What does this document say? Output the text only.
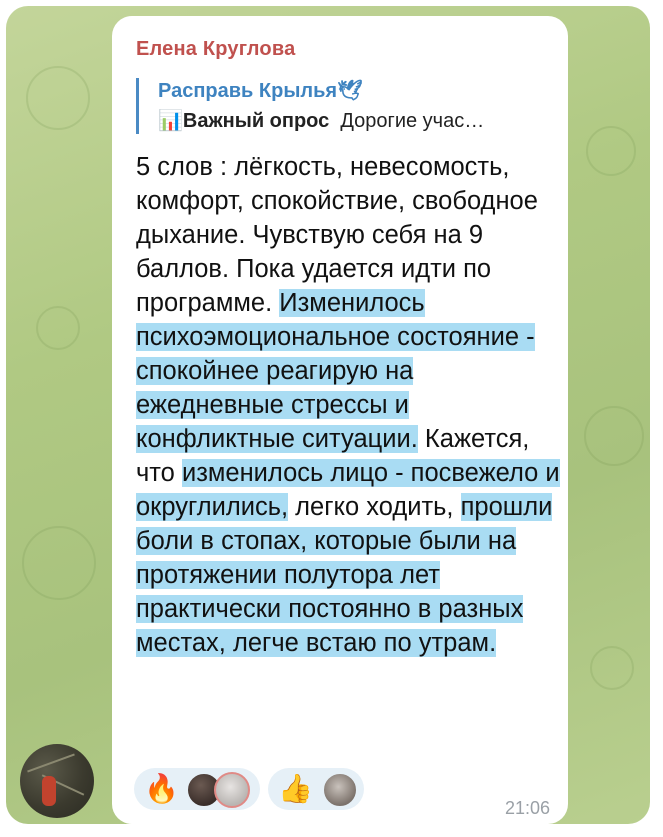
Елена Круглова
Расправь Крылья🕊
📊Важный опрос Дорогие учас…
5 слов : лёгкость, невесомость, комфорт, спокойствие, свободное дыхание. Чувствую себя на 9 баллов. Пока удается идти по программе. Изменилось психоэмоциональное состояние - спокойнее реагирую на ежедневные стрессы и конфликтные ситуации. Кажется, что изменилось лицо - посвежело и округлились, легко ходить, прошли боли в стопах, которые были на протяжении полутора лет практически постоянно в разных местах, легче встаю по утрам.
🔥	👍
21:06
